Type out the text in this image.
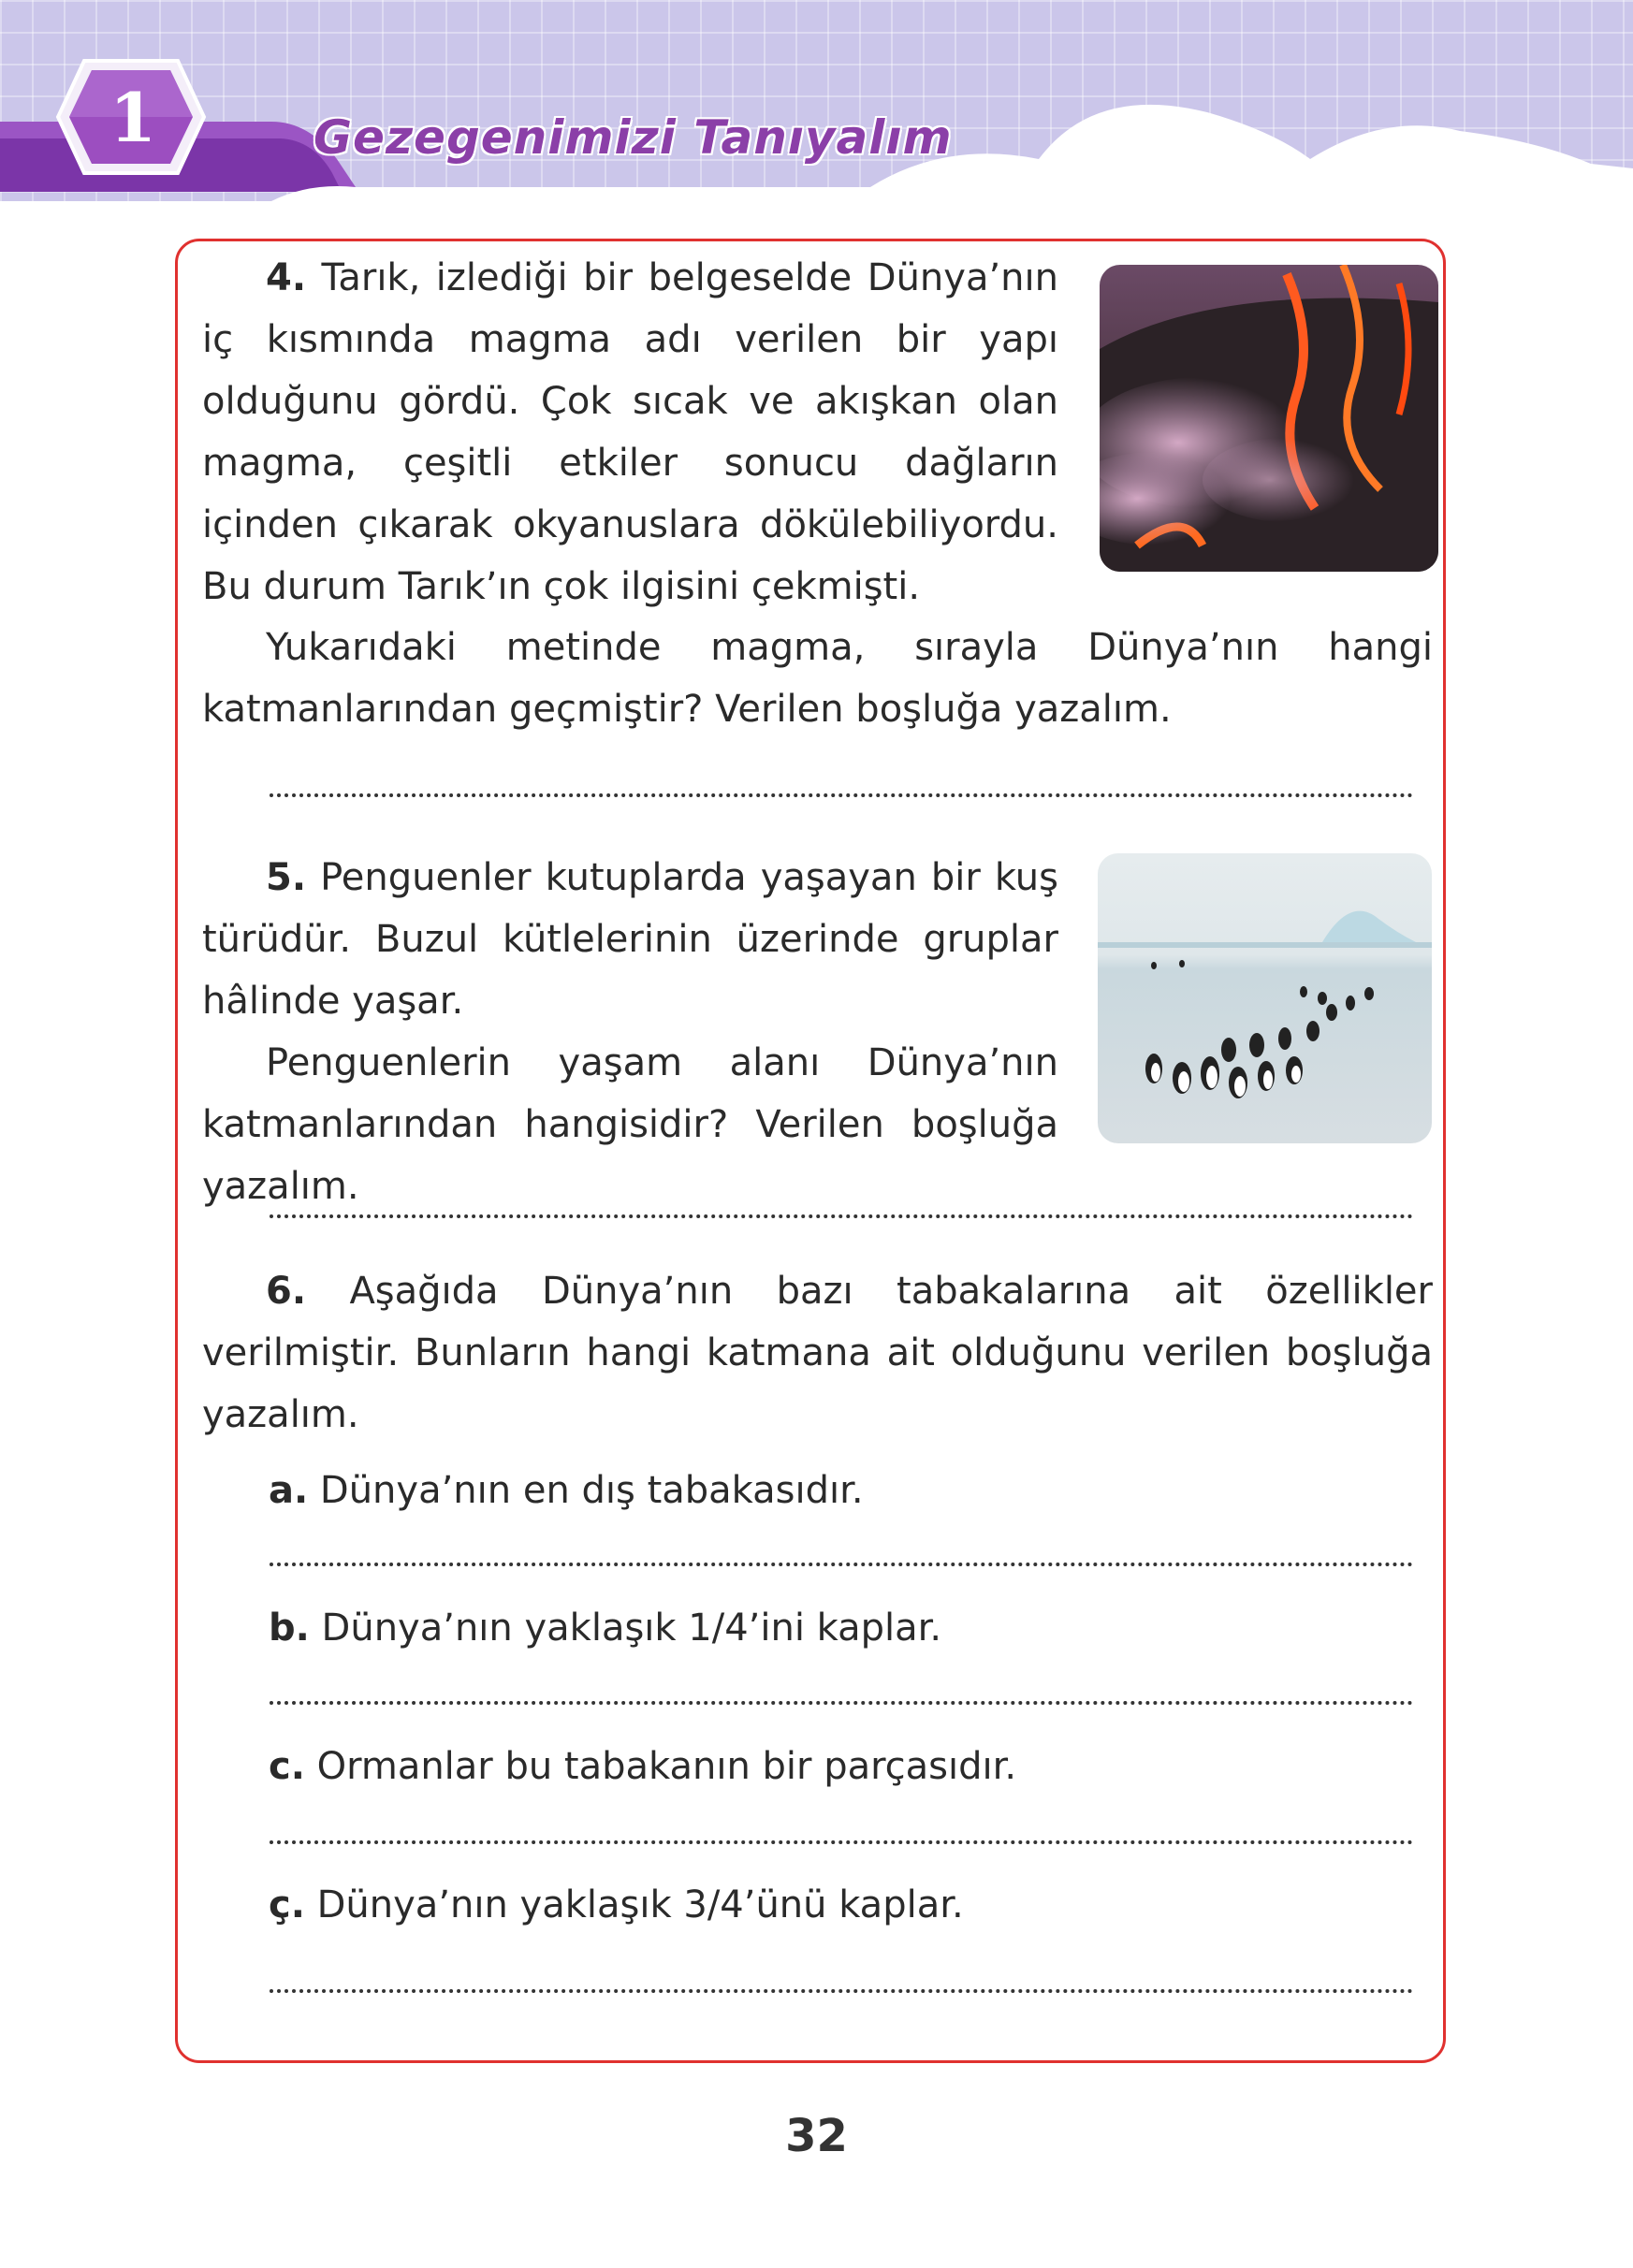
1	Gezegenimizi Tanıyalım
4. Tarık, izlediği bir belgeselde Dünya’nın iç kısmında magma adı verilen bir yapı olduğunu gördü. Çok sıcak ve akışkan olan magma, çeşitli etkiler sonucu dağların içinden çıkarak okyanuslara dökülebiliyordu. Bu durum Tarık’ın çok ilgisini çekmişti.
Yukarıdaki metinde magma, sırayla Dünya’nın hangi katmanlarından geçmiştir? Verilen boşluğa yazalım.
5. Penguenler kutuplarda yaşayan bir kuş türüdür. Buzul kütlelerinin üzerinde gruplar hâlinde yaşar.
Penguenlerin yaşam alanı Dünya’nın katmanlarından hangisidir? Verilen boşluğa yazalım.
6. Aşağıda Dünya’nın bazı tabakalarına ait özellikler verilmiştir. Bunların hangi katmana ait olduğunu verilen boşluğa yazalım.
a. Dünya’nın en dış tabakasıdır.
b. Dünya’nın yaklaşık 1/4’ini kaplar.
c. Ormanlar bu tabakanın bir parçasıdır.
ç. Dünya’nın yaklaşık 3/4’ünü kaplar.
32
